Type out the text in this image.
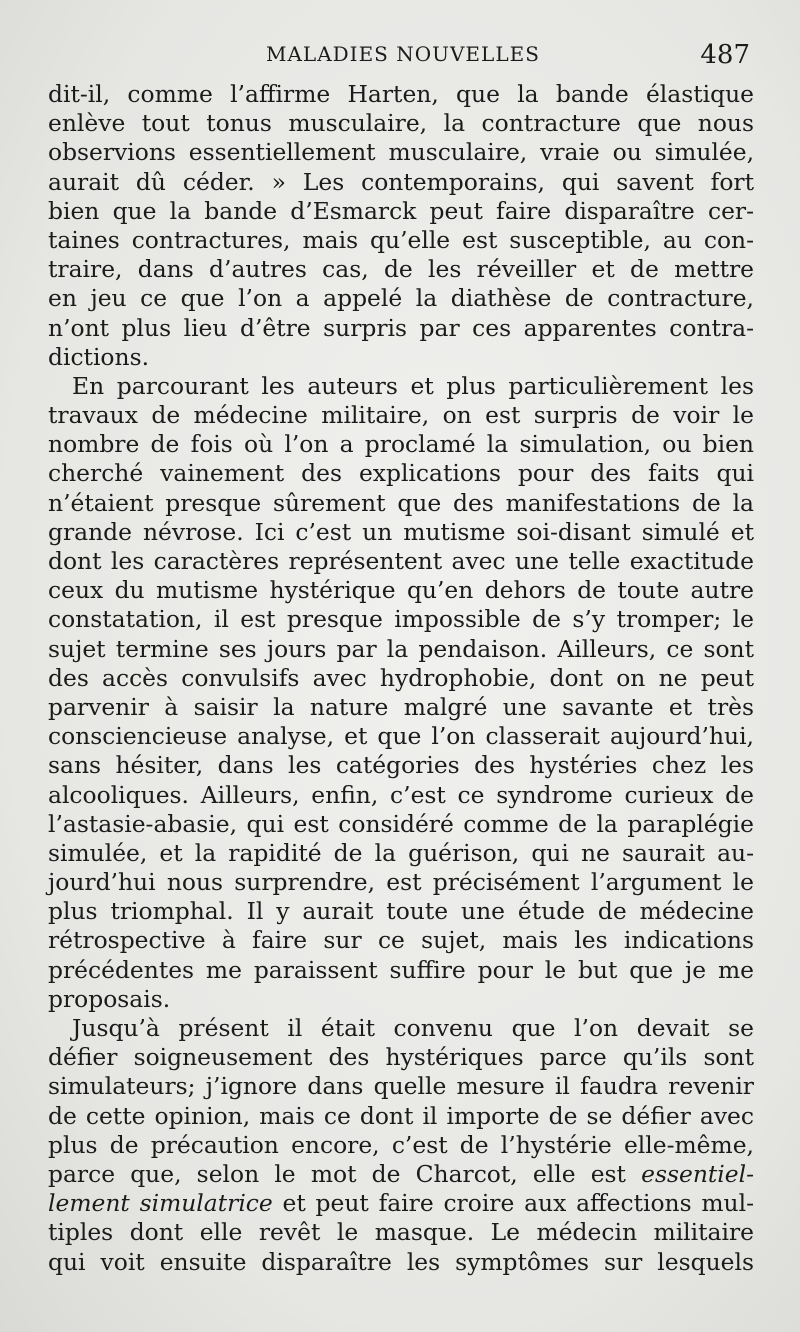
MALADIES NOUVELLES	487
dit-il, comme l’affirme Harten, que la bande élastique
enlève tout tonus musculaire, la contracture que nous
observions essentiellement musculaire, vraie ou simulée,
aurait dû céder. » Les contemporains, qui savent fort
bien que la bande d’Esmarck peut faire disparaître cer-
taines contractures, mais qu’elle est susceptible, au con-
traire, dans d’autres cas, de les réveiller et de mettre
en jeu ce que l’on a appelé la diathèse de contracture,
n’ont plus lieu d’être surpris par ces apparentes contra-
dictions.
En parcourant les auteurs et plus particulièrement les
travaux de médecine militaire, on est surpris de voir le
nombre de fois où l’on a proclamé la simulation, ou bien
cherché vainement des explications pour des faits qui
n’étaient presque sûrement que des manifestations de la
grande névrose. Ici c’est un mutisme soi-disant simulé et
dont les caractères représentent avec une telle exactitude
ceux du mutisme hystérique qu’en dehors de toute autre
constatation, il est presque impossible de s’y tromper; le
sujet termine ses jours par la pendaison. Ailleurs, ce sont
des accès convulsifs avec hydrophobie, dont on ne peut
parvenir à saisir la nature malgré une savante et très
consciencieuse analyse, et que l’on classerait aujourd’hui,
sans hésiter, dans les catégories des hystéries chez les
alcooliques. Ailleurs, enfin, c’est ce syndrome curieux de
l’astasie-abasie, qui est considéré comme de la paraplégie
simulée, et la rapidité de la guérison, qui ne saurait au-
jourd’hui nous surprendre, est précisément l’argument le
plus triomphal. Il y aurait toute une étude de médecine
rétrospective à faire sur ce sujet, mais les indications
précédentes me paraissent suffire pour le but que je me
proposais.
Jusqu’à présent il était convenu que l’on devait se
défier soigneusement des hystériques parce qu’ils sont
simulateurs; j’ignore dans quelle mesure il faudra revenir
de cette opinion, mais ce dont il importe de se défier avec
plus de précaution encore, c’est de l’hystérie elle-même,
parce que, selon le mot de Charcot, elle est essentiel-
lement simulatrice et peut faire croire aux affections mul-
tiples dont elle revêt le masque. Le médecin militaire
qui voit ensuite disparaître les symptômes sur lesquels
